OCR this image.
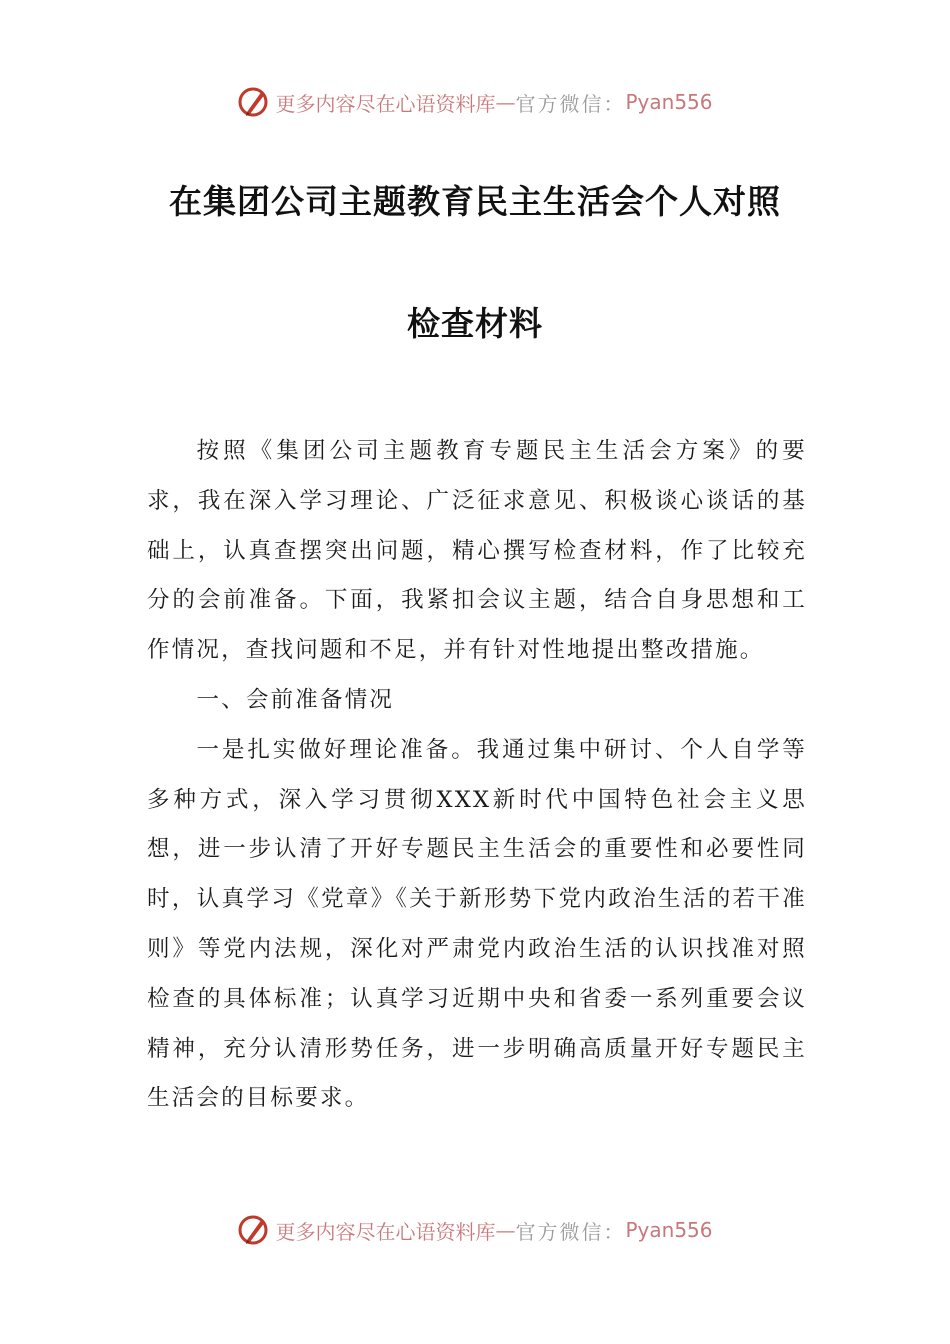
更多内容尽在心语资料库 — 官方微信： Pyan556
在集团公司主题教育民主生活会个人对照
检查材料

按照《集团公司主题教育专题民主生活会方案》的要求，我在深入学习理论、广泛征求意见、积极谈心谈话的基础上，认真查摆突出问题，精心撰写检查材料，作了比较充分的会前准备。下面，我紧扣会议主题，结合自身思想和工作情况，查找问题和不足，并有针对性地提出整改措施。

一、会前准备情况

一是扎实做好理论准备。我通过集中研讨、个人自学等多种方式，深入学习贯彻XXX新时代中国特色社会主义思想，进一步认清了开好专题民主生活会的重要性和必要性同时，认真学习《党章》《关于新形势下党内政治生活的若干准则》等党内法规，深化对严肃党内政治生活的认识找准对照检查的具体标准；认真学习近期中央和省委一系列重要会议精神，充分认清形势任务，进一步明确高质量开好专题民主生活会的目标要求。

更多内容尽在心语资料库 — 官方微信： Pyan556
